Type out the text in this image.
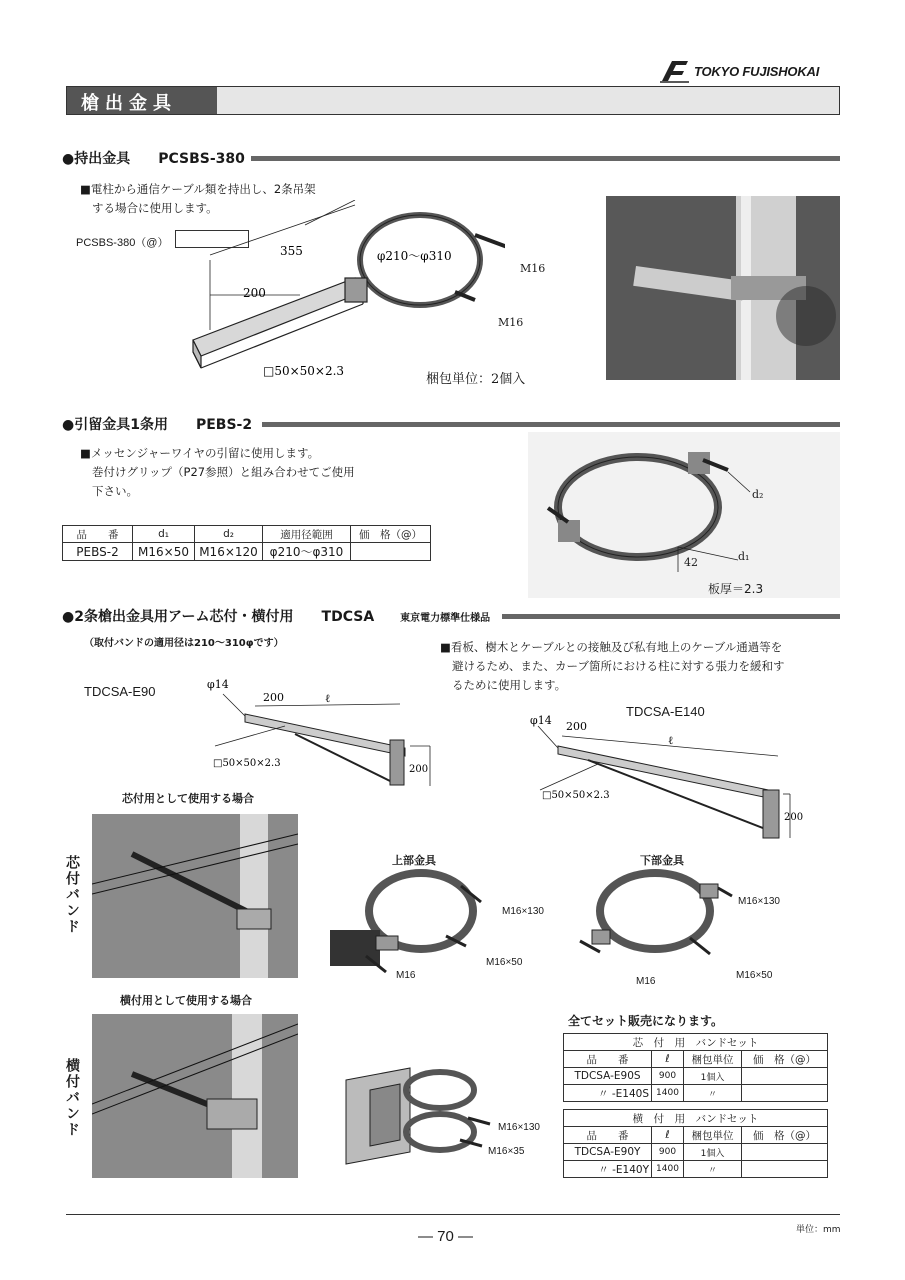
TOKYO FUJISHOKAI
槍出金具
●持出金具　　PCSBS-380
■電柱から通信ケーブル類を持出し、2条吊架
する場合に使用します。
PCSBS-380（@）
355
200
φ210～φ310
□50×50×2.3
M16
M16
梱包単位：2個入
●引留金具1条用　　PEBS-2
■メッセンジャーワイヤの引留に使用します。
巻付けグリップ（P27参照）と組み合わせてご使用
下さい。
品　　番	d₁	d₂	適用径範囲	価　格（@）
PEBS-2	M16×50	M16×120	φ210～φ310	
d₂
d₁
42
板厚＝2.3
●2条槍出金具用アーム芯付・横付用　　TDCSA	東京電力標準仕様品
（取付バンドの適用径は210～310φです）	■看板、樹木とケーブルとの接触及び私有地上のケーブル通過等を
避けるため、また、カーブ箇所における柱に対する張力を緩和す
るために使用します。
TDCSA-E90	φ14
200	ℓ
□50×50×2.3
200
TDCSA-E140
φ14 200
ℓ
□50×50×2.3
200
芯付用として使用する場合
芯付バンド
横付用として使用する場合
横付バンド
上部金具
M16×130
M16×50
M16
下部金具
M16×130
M16×50
M16
M16×130
M16×35
全てセット販売になります。
芯　付　用　バンドセット			
品　　番	ℓ	梱包単位	価　格（@）
TDCSA-E90S	900	1個入	
〃 -E140S	1400	〃	
横　付　用　バンドセット			
品　　番	ℓ	梱包単位	価　格（@）
TDCSA-E90Y	900	1個入	
〃 -E140Y	1400	〃	
単位：mm
— 70 —
